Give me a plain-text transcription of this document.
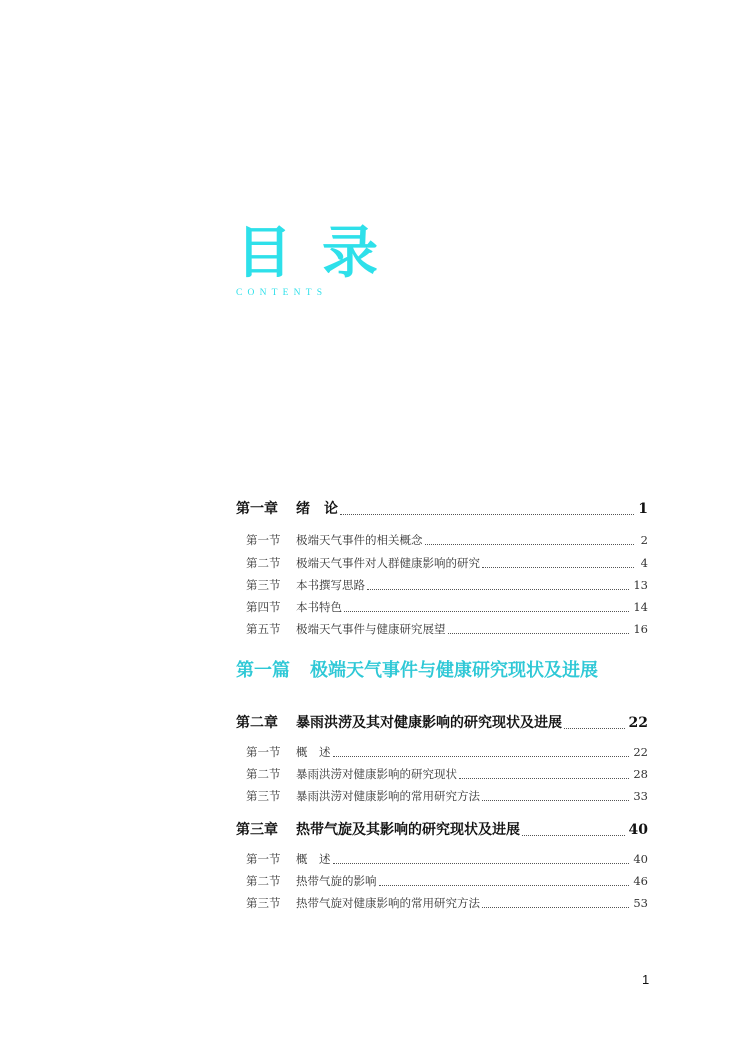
目 录
CONTENTS
第一章	绪　论	1
第一节	极端天气事件的相关概念	2
第二节	极端天气事件对人群健康影响的研究	4
第三节	本书撰写思路	13
第四节	本书特色	14
第五节	极端天气事件与健康研究展望	16
第二章	暴雨洪涝及其对健康影响的研究现状及进展	22
第一节	概　述	22
第二节	暴雨洪涝对健康影响的研究现状	28
第三节	暴雨洪涝对健康影响的常用研究方法	33
第三章	热带气旋及其影响的研究现状及进展	40
第一节	概　述	40
第二节	热带气旋的影响	46
第三节	热带气旋对健康影响的常用研究方法	53
第一篇 极端天气事件与健康研究现状及进展
1
